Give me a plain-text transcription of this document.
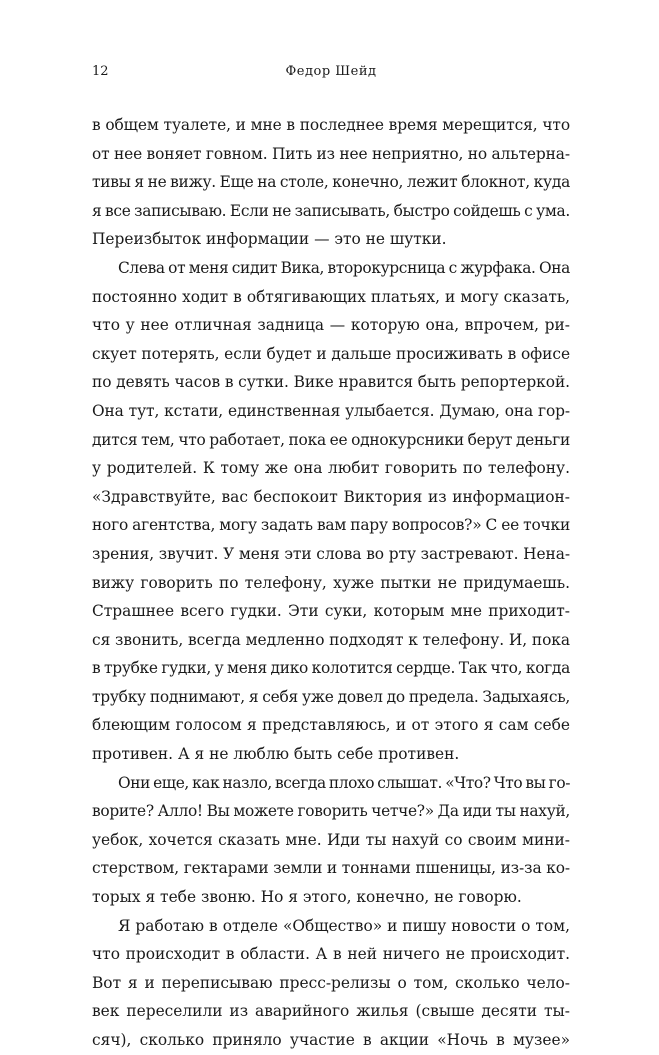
12	Федор Шейд

в общем туалете, и мне в последнее время мерещится, что

от нее воняет говном. Пить из нее неприятно, но альтерна-

тивы я не вижу. Еще на столе, конечно, лежит блокнот, куда

я все записываю. Если не записывать, быстро сойдешь с ума.

Переизбыток информации — это не шутки.

Слева от меня сидит Вика, второкурсница с журфака. Она

постоянно ходит в обтягивающих платьях, и могу сказать,

что у нее отличная задница — которую она, впрочем, ри-

скует потерять, если будет и дальше просиживать в офисе

по девять часов в сутки. Вике нравится быть репортеркой.

Она тут, кстати, единственная улыбается. Думаю, она гор-

дится тем, что работает, пока ее однокурсники берут деньги

у родителей. К тому же она любит говорить по телефону.

«Здравствуйте, вас беспокоит Виктория из информацион-

ного агентства, могу задать вам пару вопросов?» С ее точки

зрения, звучит. У меня эти слова во рту застревают. Нена-

вижу говорить по телефону, хуже пытки не придумаешь.

Страшнее всего гудки. Эти суки, которым мне приходит-

ся звонить, всегда медленно подходят к телефону. И, пока

в трубке гудки, у меня дико колотится сердце. Так что, когда

трубку поднимают, я себя уже довел до предела. Задыхаясь,

блеющим голосом я представляюсь, и от этого я сам себе

противен. А я не люблю быть себе противен.

Они еще, как назло, всегда плохо слышат. «Что? Что вы го-

ворите? Алло! Вы можете говорить четче?» Да иди ты нахуй,

уебок, хочется сказать мне. Иди ты нахуй со своим мини-

стерством, гектарами земли и тоннами пшеницы, из-за ко-

торых я тебе звоню. Но я этого, конечно, не говорю.

Я работаю в отделе «Общество» и пишу новости о том,

что происходит в области. А в ней ничего не происходит.

Вот я и переписываю пресс-релизы о том, сколько чело-

век переселили из аварийного жилья (свыше десяти ты-

сяч), сколько приняло участие в акции «Ночь в музее»
